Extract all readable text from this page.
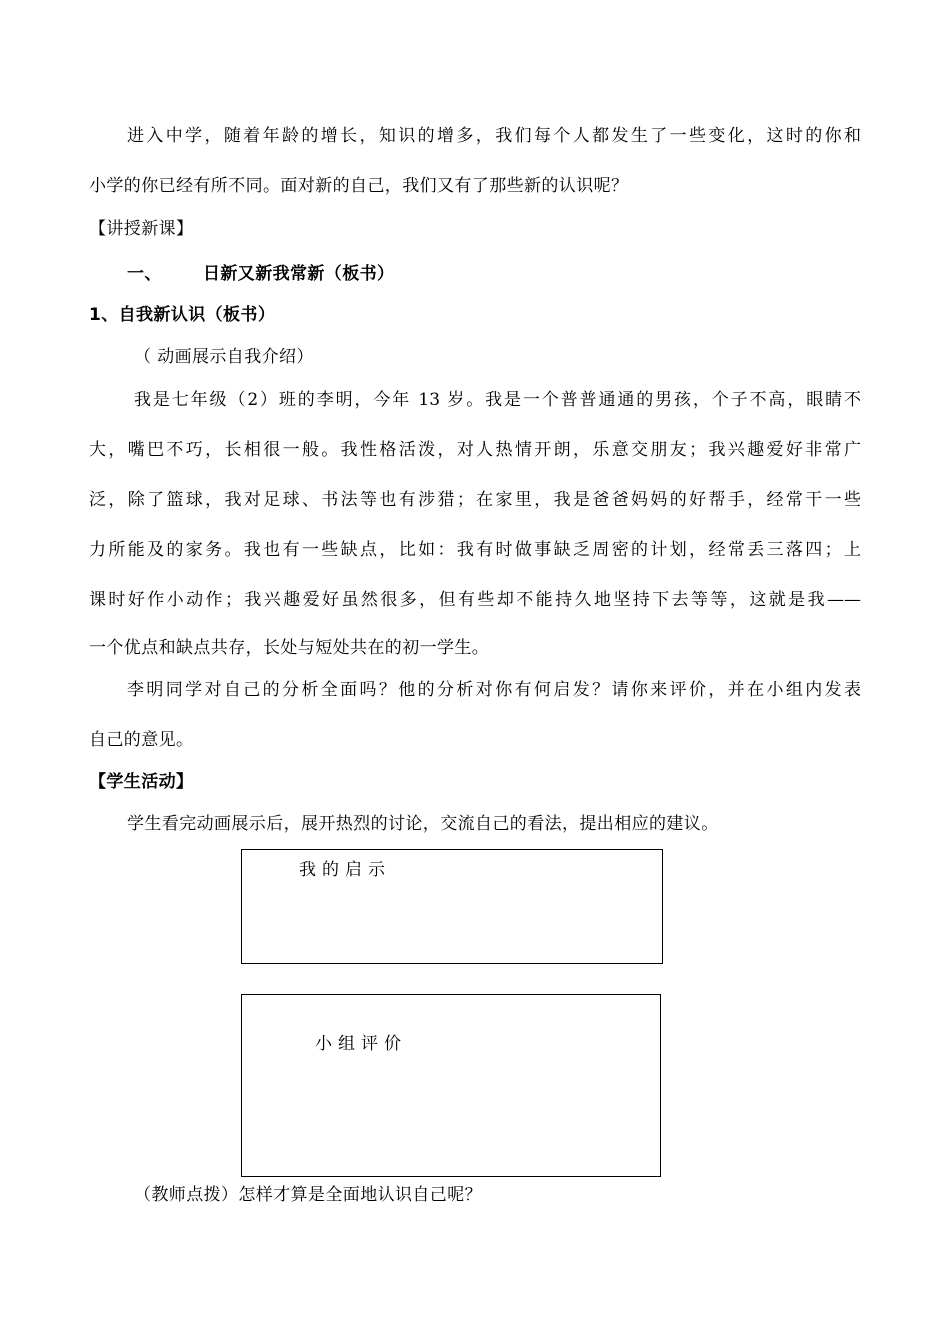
进入中学，随着年龄的增长，知识的增多，我们每个人都发生了一些变化，这时的你和
小学的你已经有所不同。面对新的自己，我们又有了那些新的认识呢？
【讲授新课】
一、 日新又新我常新（板书）
1、自我新认识（板书）
（ 动画展示自我介绍）
我是七年级（2）班的李明，今年 13 岁。我是一个普普通通的男孩，个子不高，眼睛不
大，嘴巴不巧，长相很一般。我性格活泼，对人热情开朗，乐意交朋友；我兴趣爱好非常广
泛，除了篮球，我对足球、书法等也有涉猎；在家里，我是爸爸妈妈的好帮手，经常干一些
力所能及的家务。我也有一些缺点，比如：我有时做事缺乏周密的计划，经常丢三落四；上
课时好作小动作；我兴趣爱好虽然很多，但有些却不能持久地坚持下去等等，这就是我——
一个优点和缺点共存，长处与短处共在的初一学生。
李明同学对自己的分析全面吗？他的分析对你有何启发？请你来评价，并在小组内发表
自己的意见。
【学生活动】
学生看完动画展示后，展开热烈的讨论，交流自己的看法，提出相应的建议。
我的启示
小组评价
（教师点拨）怎样才算是全面地认识自己呢？
